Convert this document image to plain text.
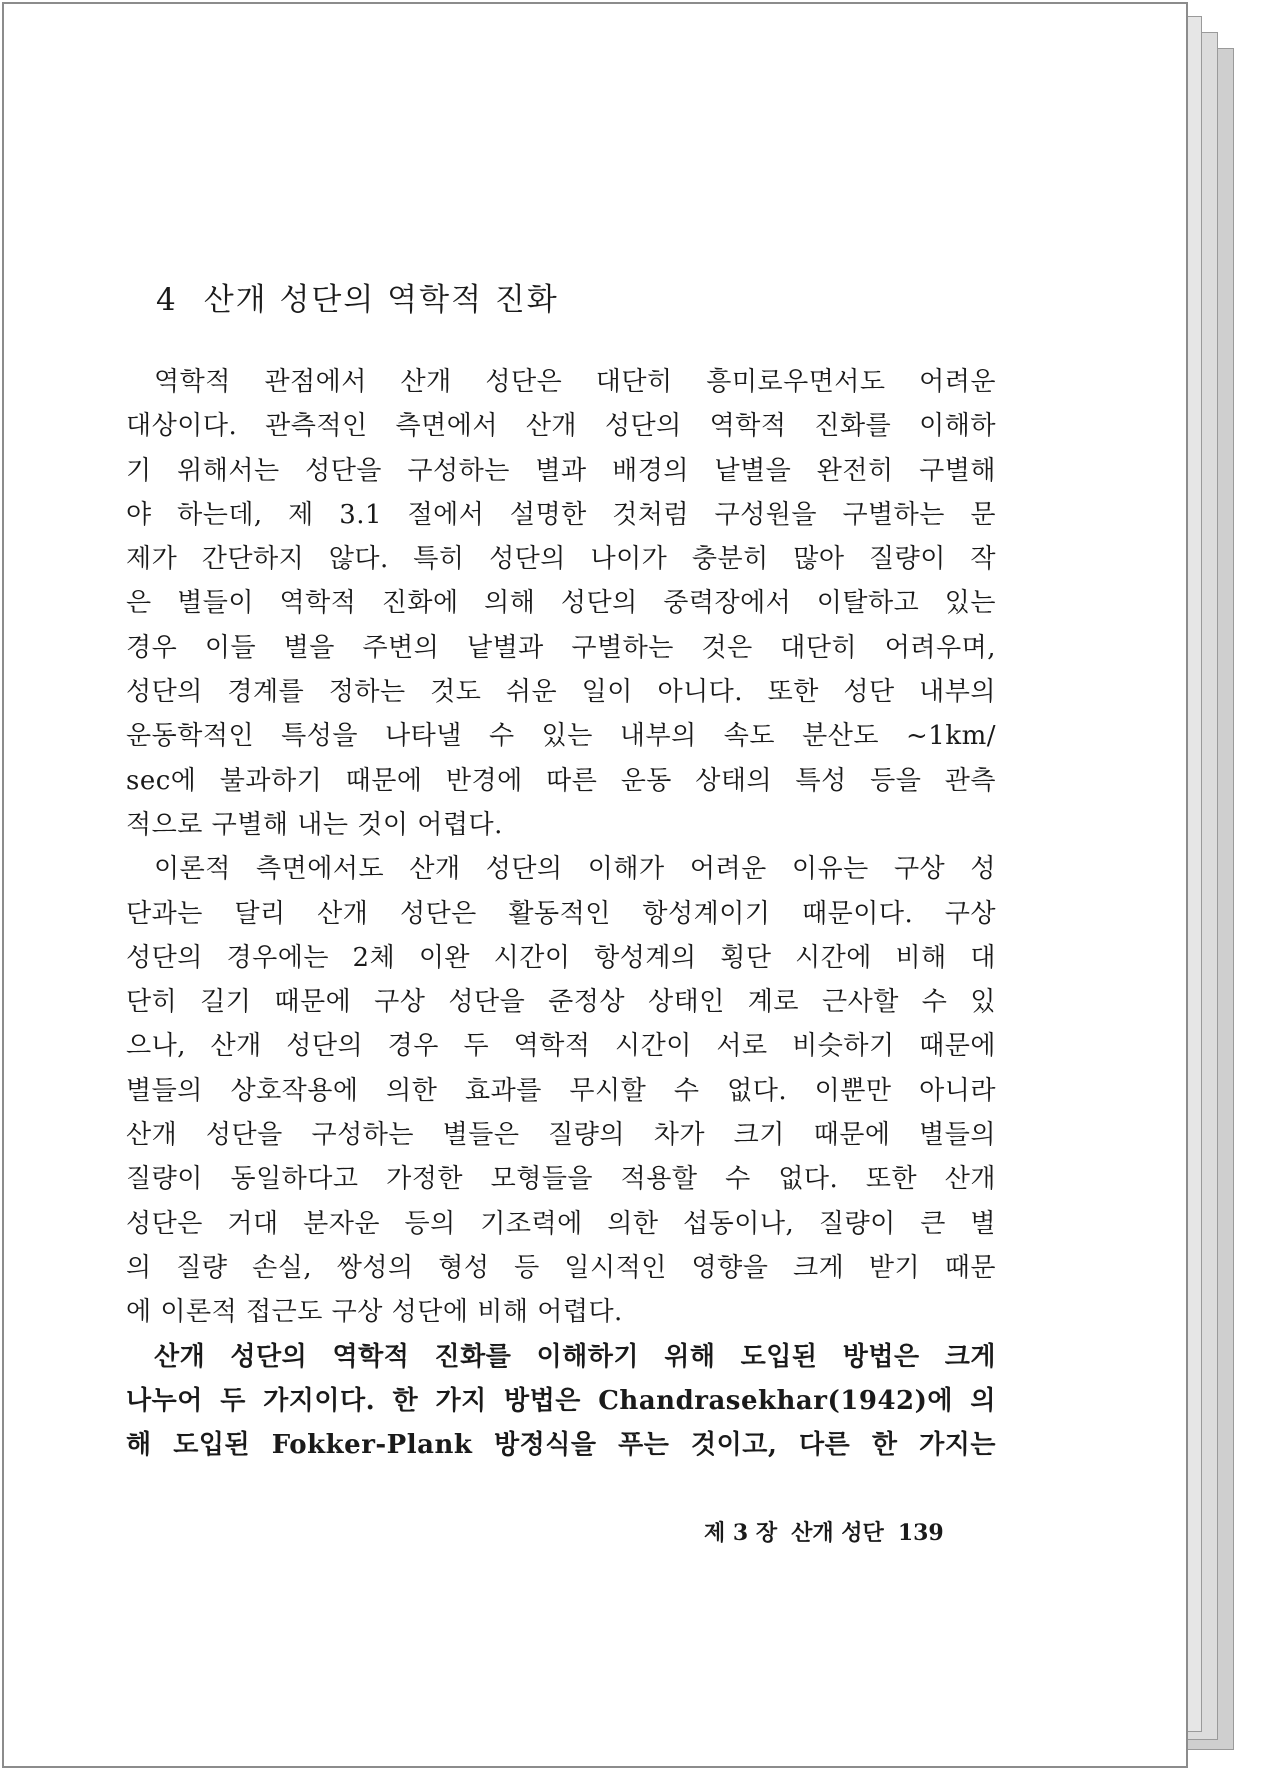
4 산개 성단의 역학적 진화
역학적 관점에서 산개 성단은 대단히 흥미로우면서도 어려운
대상이다. 관측적인 측면에서 산개 성단의 역학적 진화를 이해하
기 위해서는 성단을 구성하는 별과 배경의 낱별을 완전히 구별해
야 하는데, 제 3.1 절에서 설명한 것처럼 구성원을 구별하는 문
제가 간단하지 않다. 특히 성단의 나이가 충분히 많아 질량이 작
은 별들이 역학적 진화에 의해 성단의 중력장에서 이탈하고 있는
경우 이들 별을 주변의 낱별과 구별하는 것은 대단히 어려우며,
성단의 경계를 정하는 것도 쉬운 일이 아니다. 또한 성단 내부의
운동학적인 특성을 나타낼 수 있는 내부의 속도 분산도 ~1km/
sec에 불과하기 때문에 반경에 따른 운동 상태의 특성 등을 관측
적으로 구별해 내는 것이 어렵다.
이론적 측면에서도 산개 성단의 이해가 어려운 이유는 구상 성
단과는 달리 산개 성단은 활동적인 항성계이기 때문이다. 구상
성단의 경우에는 2체 이완 시간이 항성계의 횡단 시간에 비해 대
단히 길기 때문에 구상 성단을 준정상 상태인 계로 근사할 수 있
으나, 산개 성단의 경우 두 역학적 시간이 서로 비슷하기 때문에
별들의 상호작용에 의한 효과를 무시할 수 없다. 이뿐만 아니라
산개 성단을 구성하는 별들은 질량의 차가 크기 때문에 별들의
질량이 동일하다고 가정한 모형들을 적용할 수 없다. 또한 산개
성단은 거대 분자운 등의 기조력에 의한 섭동이나, 질량이 큰 별
의 질량 손실, 쌍성의 형성 등 일시적인 영향을 크게 받기 때문
에 이론적 접근도 구상 성단에 비해 어렵다.
산개 성단의 역학적 진화를 이해하기 위해 도입된 방법은 크게
나누어 두 가지이다. 한 가지 방법은 Chandrasekhar(1942)에 의
해 도입된 Fokker-Plank 방정식을 푸는 것이고, 다른 한 가지는
제 3 장 산개 성단 139
